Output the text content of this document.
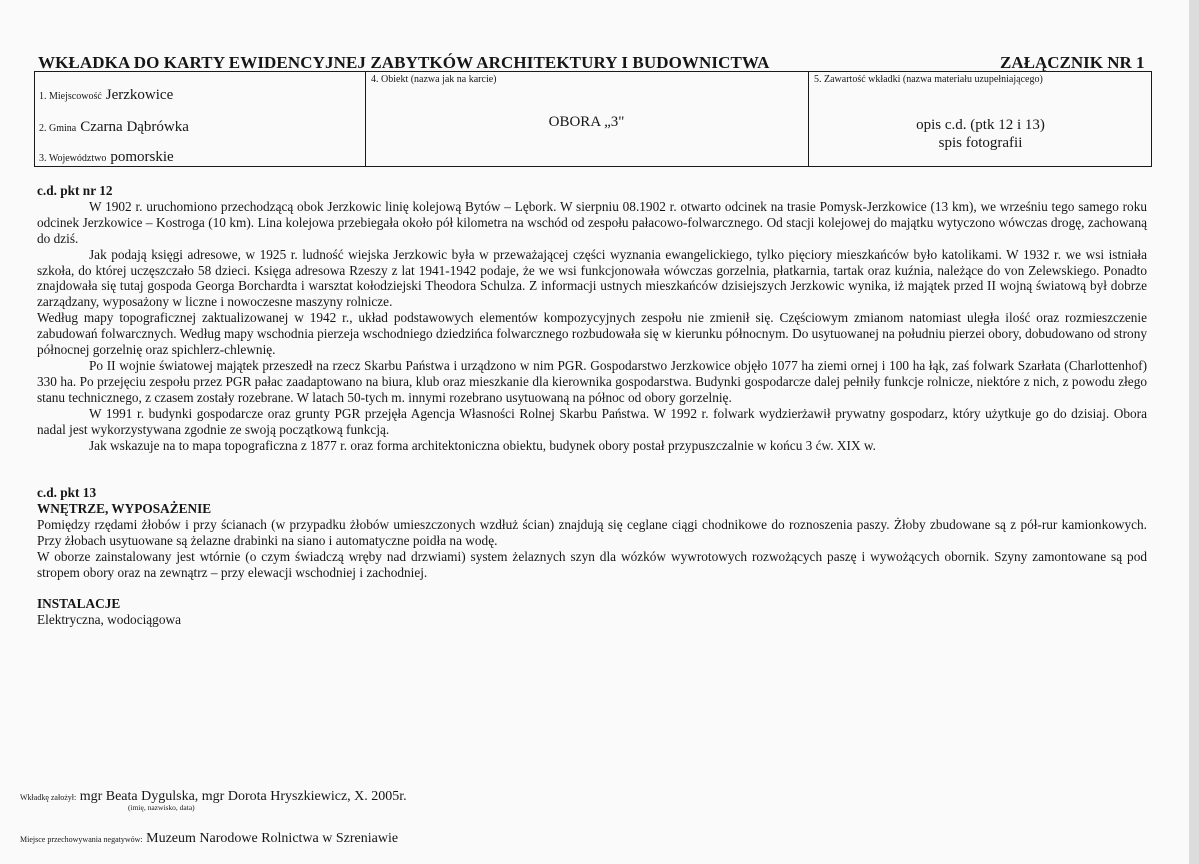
WKŁADKA DO KARTY EWIDENCYJNEJ ZABYTKÓW ARCHITEKTURY I BUDOWNICTWA	ZAŁĄCZNIK NR 1
1. Miejscowość Jerzkowice
2. Gmina Czarna Dąbrówka
3. Województwo pomorskie
4. Obiekt (nazwa jak na karcie)
OBORA „3"
5. Zawartość wkładki (nazwa materiału uzupełniającego)
opis c.d. (ptk 12 i 13)
spis fotografii

c.d. pkt nr 12

W 1902 r. uruchomiono przechodzącą obok Jerzkowic linię kolejową Bytów – Lębork. W sierpniu 08.1902 r. otwarto odcinek na trasie Pomysk-Jerzkowice (13 km), we wrześniu tego samego roku odcinek Jerzkowice – Kostroga (10 km). Lina kolejowa przebiegała około pół kilometra na wschód od zespołu pałacowo-folwarcznego. Od stacji kolejowej do majątku wytyczono wówczas drogę, zachowaną do dziś.

Jak podają księgi adresowe, w 1925 r. ludność wiejska Jerzkowic była w przeważającej części wyznania ewangelickiego, tylko pięciory mieszkańców było katolikami. W 1932 r. we wsi istniała szkoła, do której uczęszczało 58 dzieci. Księga adresowa Rzeszy z lat 1941-1942 podaje, że we wsi funkcjonowała wówczas gorzelnia, płatkarnia, tartak oraz kuźnia, należące do von Zelewskiego. Ponadto znajdowała się tutaj gospoda Georga Borchardta i warsztat kołodziejski Theodora Schulza. Z informacji ustnych mieszkańców dzisiejszych Jerzkowic wynika, iż majątek przed II wojną światową był dobrze zarządzany, wyposażony w liczne i nowoczesne maszyny rolnicze.

Według mapy topograficznej zaktualizowanej w 1942 r., układ podstawowych elementów kompozycyjnych zespołu nie zmienił się. Częściowym zmianom natomiast uległa ilość oraz rozmieszczenie zabudowań folwarcznych. Według mapy wschodnia pierzeja wschodniego dziedzińca folwarcznego rozbudowała się w kierunku północnym. Do usytuowanej na południu pierzei obory, dobudowano od strony północnej gorzelnię oraz spichlerz-chlewnię.

Po II wojnie światowej majątek przeszedł na rzecz Skarbu Państwa i urządzono w nim PGR. Gospodarstwo Jerzkowice objęło 1077 ha ziemi ornej i 100 ha łąk, zaś folwark Szarłata (Charlottenhof) 330 ha. Po przejęciu zespołu przez PGR pałac zaadaptowano na biura, klub oraz mieszkanie dla kierownika gospodarstwa. Budynki gospodarcze dalej pełniły funkcje rolnicze, niektóre z nich, z powodu złego stanu technicznego, z czasem zostały rozebrane. W latach 50-tych m. innymi rozebrano usytuowaną na północ od obory gorzelnię.

W 1991 r. budynki gospodarcze oraz grunty PGR przejęła Agencja Własności Rolnej Skarbu Państwa. W 1992 r. folwark wydzierżawił prywatny gospodarz, który użytkuje go do dzisiaj. Obora nadal jest wykorzystywana zgodnie ze swoją początkową funkcją.

Jak wskazuje na to mapa topograficzna z 1877 r. oraz forma architektoniczna obiektu, budynek obory postał przypuszczalnie w końcu 3 ćw. XIX w.

c.d. pkt 13

WNĘTRZE, WYPOSAŻENIE

Pomiędzy rzędami żłobów i przy ścianach (w przypadku żłobów umieszczonych wzdłuż ścian) znajdują się ceglane ciągi chodnikowe do roznoszenia paszy. Żłoby zbudowane są z pół-rur kamionkowych. Przy żłobach usytuowane są żelazne drabinki na siano i automatyczne poidła na wodę.

W oborze zainstalowany jest wtórnie (o czym świadczą wręby nad drzwiami) system żelaznych szyn dla wózków wywrotowych rozwożących paszę i wywożących obornik. Szyny zamontowane są pod stropem obory oraz na zewnątrz – przy elewacji wschodniej i zachodniej.

INSTALACJE

Elektryczna, wodociągowa

Wkładkę założył: mgr Beata Dygulska, mgr Dorota Hryszkiewicz, X. 2005r.
(imię, nazwisko, data)
Miejsce przechowywania negatywów: Muzeum Narodowe Rolnictwa w Szreniawie
